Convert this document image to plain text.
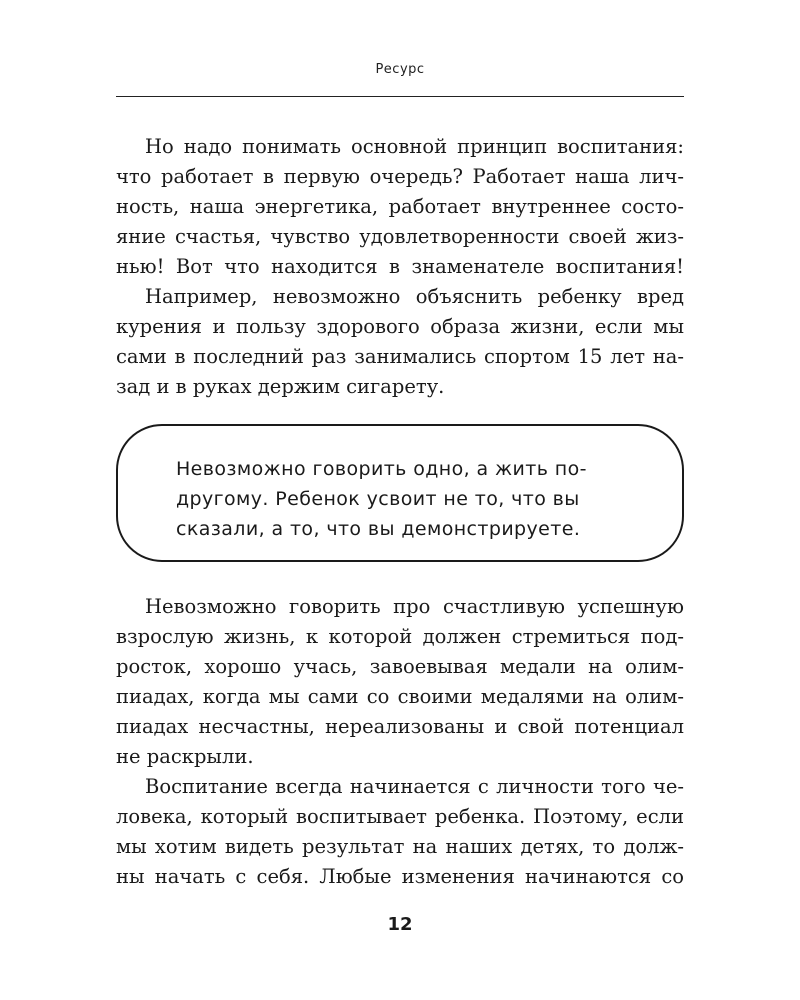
Ресурс

Но надо понимать основной принцип воспитания:
что работает в первую очередь? Работает наша лич-
ность, наша энергетика, работает внутреннее состо-
яние счастья, чувство удовлетворенности своей жиз-
нью! Вот что находится в знаменателе воспитания!

Например, невозможно объяснить ребенку вред
курения и пользу здорового образа жизни, если мы
сами в последний раз занимались спортом 15 лет на-
зад и в руках держим сигарету.

Невозможно говорить одно, а жить по-
другому. Ребенок усвоит не то, что вы
сказали, а то, что вы демонстрируете.

Невозможно говорить про счастливую успешную
взрослую жизнь, к которой должен стремиться под-
росток, хорошо учась, завоевывая медали на олим-
пиадах, когда мы сами со своими медалями на олим-
пиадах несчастны, нереализованы и свой потенциал
не раскрыли.

Воспитание всегда начинается с личности того че-
ловека, который воспитывает ребенка. Поэтому, если
мы хотим видеть результат на наших детях, то долж-
ны начать с себя. Любые изменения начинаются со

12
